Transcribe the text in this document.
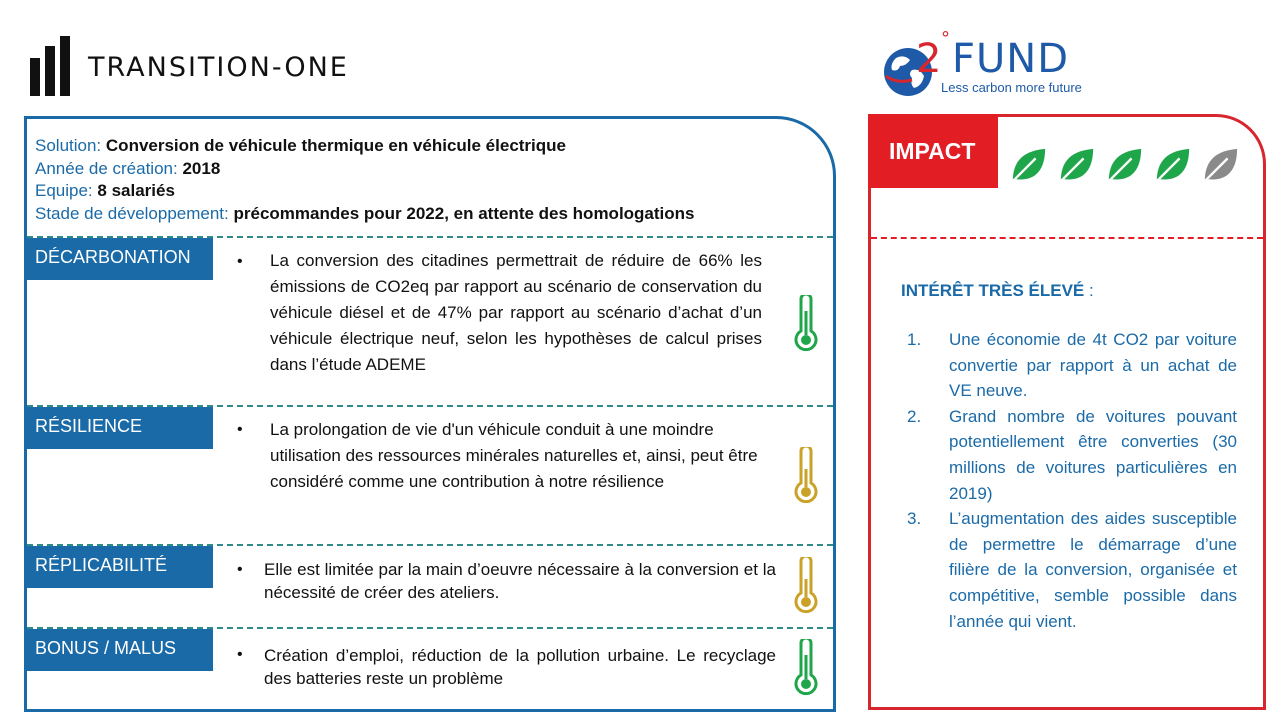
TRANSITION-ONE	2 ° FUND
Less carbon more future
Solution: Conversion de véhicule thermique en véhicule électrique
Année de création: 2018
Equipe: 8 salariés
Stade de développement: précommandes pour 2022, en attente des homologations
DÉCARBONATION	• La conversion des citadines permettrait de réduire de 66% les émissions de CO2eq par rapport au scénario de conservation du véhicule diésel et de 47% par rapport au scénario d’achat d’un véhicule électrique neuf, selon les hypothèses de calcul prises dans l’étude ADEME
RÉSILIENCE	• La prolongation de vie d'un véhicule conduit à une moindre utilisation des ressources minérales naturelles et, ainsi, peut être considéré comme une contribution à notre résilience
RÉPLICABILITÉ	• Elle est limitée par la main d’oeuvre nécessaire à la conversion et la nécessité de créer des ateliers.
BONUS / MALUS	• Création d’emploi, réduction de la pollution urbaine. Le recyclage des batteries reste un problème
IMPACT
INTÉRÊT TRÈS ÉLEVÉ :
1. Une économie de 4t CO2 par voiture convertie par rapport à un achat de VE neuve.
2. Grand nombre de voitures pouvant potentiellement être converties (30 millions de voitures particulières en 2019)
3. L’augmentation des aides susceptible de permettre le démarrage d’une filière de la conversion, organisée et compétitive, semble possible dans l’année qui vient.
